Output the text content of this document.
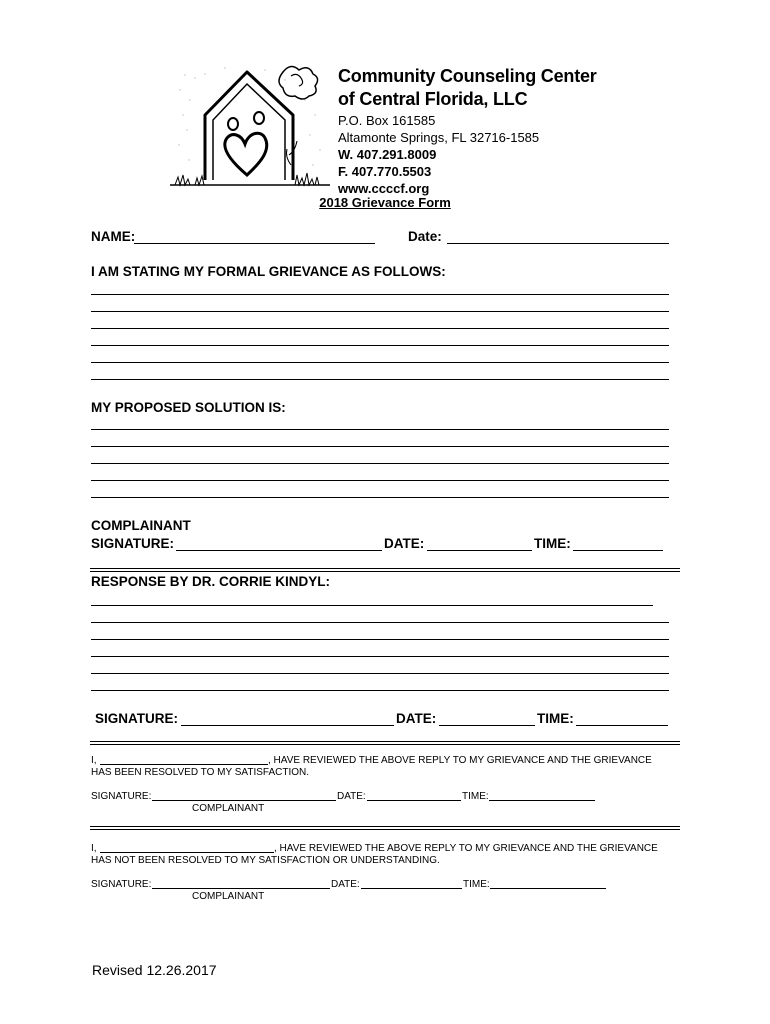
Community Counseling Center
of Central Florida, LLC
P.O. Box 161585
Altamonte Springs, FL 32716-1585
W. 407.291.8009
F. 407.770.5503
www.ccccf.org
2018 Grievance Form
NAME:	Date:
I AM STATING MY FORMAL GRIEVANCE AS FOLLOWS:
MY PROPOSED SOLUTION IS:
COMPLAINANT
SIGNATURE:	DATE:	TIME:
RESPONSE BY DR. CORRIE KINDYL:
SIGNATURE:	DATE:	TIME:
I,	, HAVE REVIEWED THE ABOVE REPLY TO MY GRIEVANCE AND THE GRIEVANCE
HAS BEEN RESOLVED TO MY SATISFACTION.
SIGNATURE:	DATE:	TIME:
COMPLAINANT
I,	, HAVE REVIEWED THE ABOVE REPLY TO MY GRIEVANCE AND THE GRIEVANCE
HAS NOT BEEN RESOLVED TO MY SATISFACTION OR UNDERSTANDING.
SIGNATURE:	DATE:	TIME:
COMPLAINANT
Revised 12.26.2017
